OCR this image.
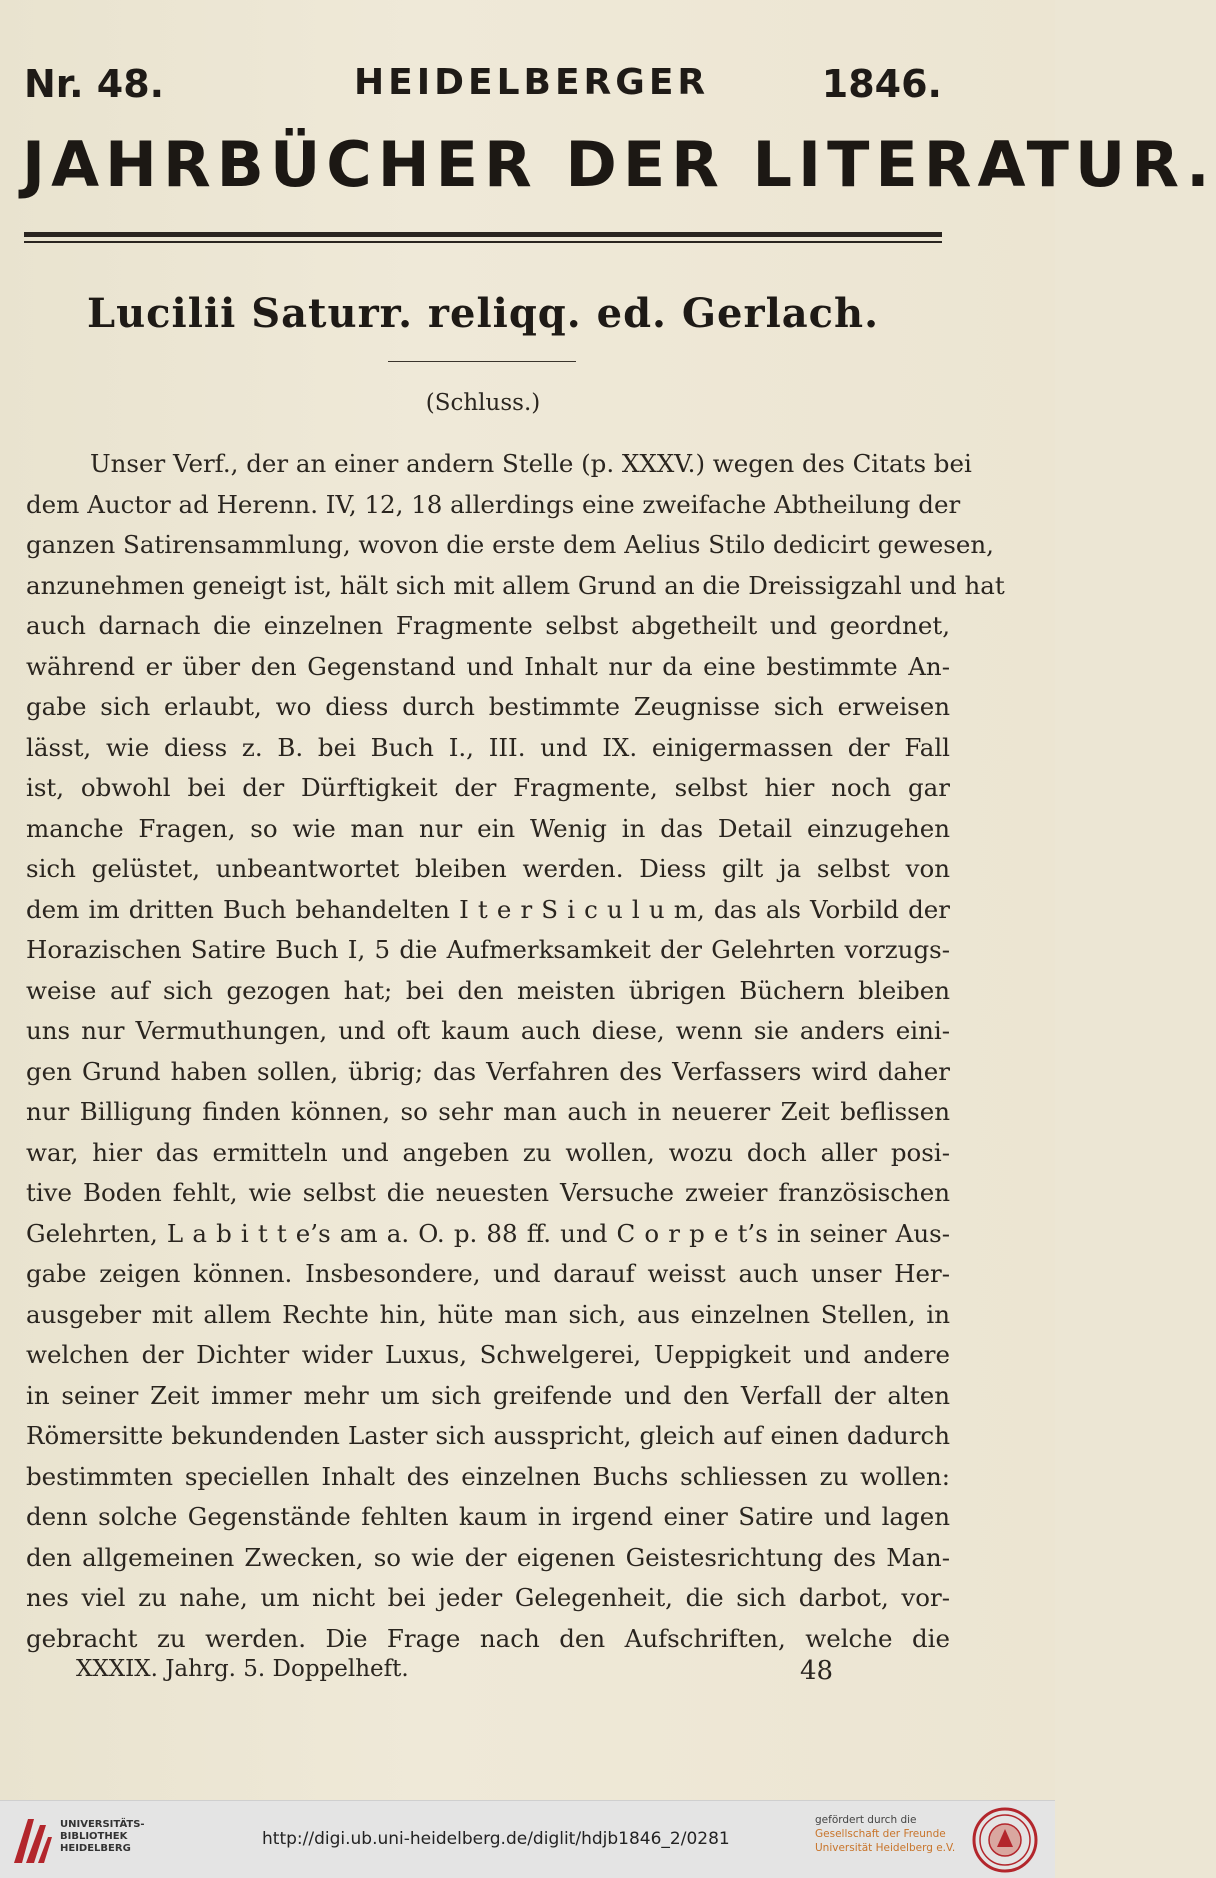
Nr. 48.	HEIDELBERGER	1846.
JAHRBÜCHER DER LITERATUR.
Lucilii Saturr. reliqq. ed. Gerlach.
(Schluss.)
Unser Verf., der an einer andern Stelle (p. XXXV.) wegen des Citats bei
dem Auctor ad Herenn. IV, 12, 18 allerdings eine zweifache Abtheilung der
ganzen Satirensammlung, wovon die erste dem Aelius Stilo dedicirt gewesen,
anzunehmen geneigt ist, hält sich mit allem Grund an die Dreissigzahl und hat
auch darnach die einzelnen Fragmente selbst abgetheilt und geordnet,
während er über den Gegenstand und Inhalt nur da eine bestimmte An-
gabe sich erlaubt, wo diess durch bestimmte Zeugnisse sich erweisen
lässt, wie diess z. B. bei Buch I., III. und IX. einigermassen der Fall
ist, obwohl bei der Dürftigkeit der Fragmente, selbst hier noch gar
manche Fragen, so wie man nur ein Wenig in das Detail einzugehen
sich gelüstet, unbeantwortet bleiben werden. Diess gilt ja selbst von
dem im dritten Buch behandelten I t e r S i c u l u m, das als Vorbild der
Horazischen Satire Buch I, 5 die Aufmerksamkeit der Gelehrten vorzugs-
weise auf sich gezogen hat; bei den meisten übrigen Büchern bleiben
uns nur Vermuthungen, und oft kaum auch diese, wenn sie anders eini-
gen Grund haben sollen, übrig; das Verfahren des Verfassers wird daher
nur Billigung finden können, so sehr man auch in neuerer Zeit beflissen
war, hier das ermitteln und angeben zu wollen, wozu doch aller posi-
tive Boden fehlt, wie selbst die neuesten Versuche zweier französischen
Gelehrten, L a b i t t e’s am a. O. p. 88 ff. und C o r p e t’s in seiner Aus-
gabe zeigen können. Insbesondere, und darauf weisst auch unser Her-
ausgeber mit allem Rechte hin, hüte man sich, aus einzelnen Stellen, in
welchen der Dichter wider Luxus, Schwelgerei, Ueppigkeit und andere
in seiner Zeit immer mehr um sich greifende und den Verfall der alten
Römersitte bekundenden Laster sich ausspricht, gleich auf einen dadurch
bestimmten speciellen Inhalt des einzelnen Buchs schliessen zu wollen:
denn solche Gegenstände fehlten kaum in irgend einer Satire und lagen
den allgemeinen Zwecken, so wie der eigenen Geistesrichtung des Man-
nes viel zu nahe, um nicht bei jeder Gelegenheit, die sich darbot, vor-
gebracht zu werden. Die Frage nach den Aufschriften, welche die
XXXIX. Jahrg. 5. Doppelheft.	48
UNIVERSITÄTS-
BIBLIOTHEK
HEIDELBERG	http://digi.ub.uni-heidelberg.de/diglit/hdjb1846_2/0281
gefördert durch die
Gesellschaft der Freunde
Universität Heidelberg e.V.
